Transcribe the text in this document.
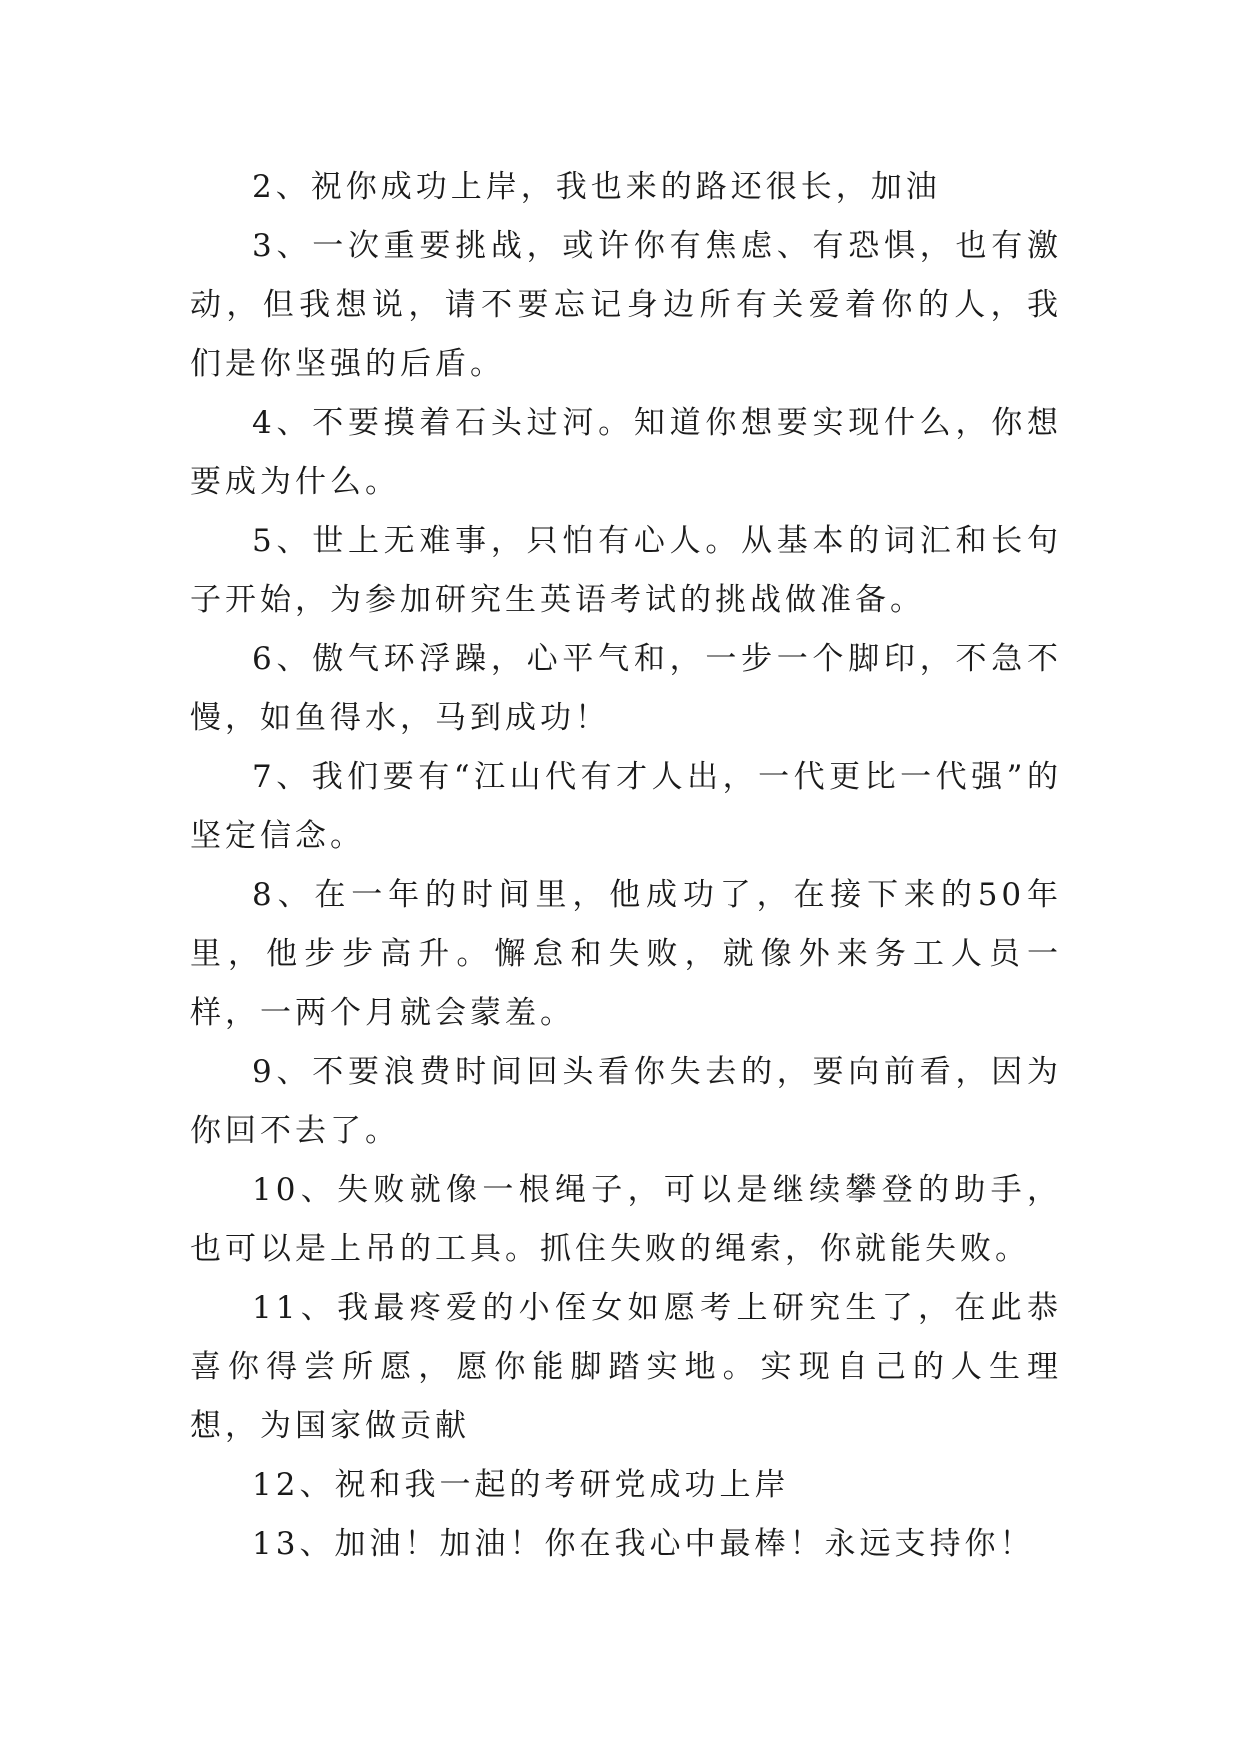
2、祝你成功上岸，我也来的路还很长，加油

3、一次重要挑战，或许你有焦虑、有恐惧，也有激动，但我想说，请不要忘记身边所有关爱着你的人，我们是你坚强的后盾。

4、不要摸着石头过河。知道你想要实现什么，你想要成为什么。

5、世上无难事，只怕有心人。从基本的词汇和长句子开始，为参加研究生英语考试的挑战做准备。

6、傲气环浮躁，心平气和，一步一个脚印，不急不慢，如鱼得水，马到成功！

7、我们要有“江山代有才人出，一代更比一代强”的坚定信念。

8、在一年的时间里，他成功了，在接下来的50年里，他步步高升。懈怠和失败，就像外来务工人员一样，一两个月就会蒙羞。

9、不要浪费时间回头看你失去的，要向前看，因为你回不去了。

10、失败就像一根绳子，可以是继续攀登的助手，也可以是上吊的工具。抓住失败的绳索，你就能失败。

11、我最疼爱的小侄女如愿考上研究生了，在此恭喜你得尝所愿，愿你能脚踏实地。实现自己的人生理想，为国家做贡献

12、祝和我一起的考研党成功上岸

13、加油！加油！你在我心中最棒！永远支持你！
